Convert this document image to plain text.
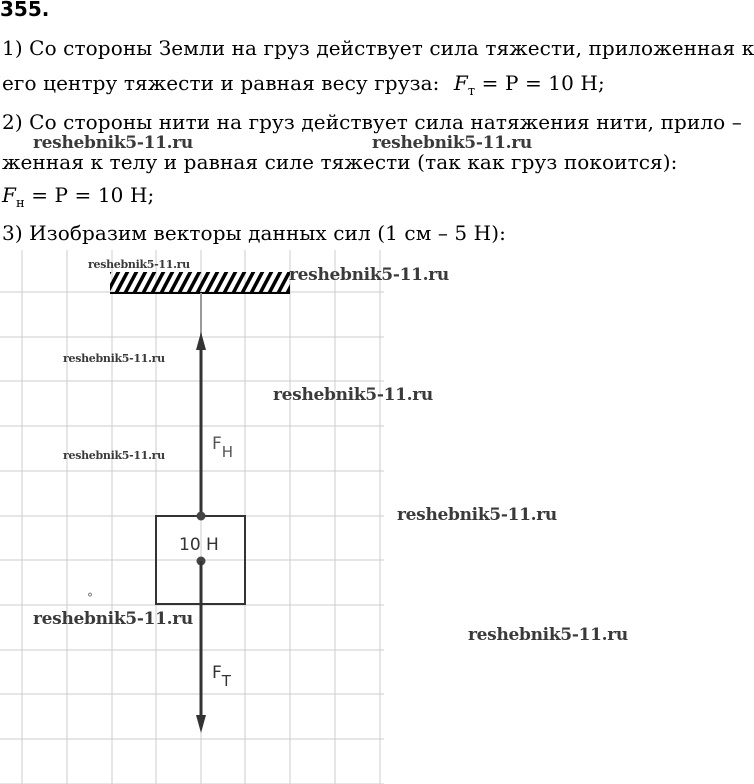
355.
1) Со стороны Земли на груз действует сила тяжести, приложенная к
его центру тяжести и равная весу груза: $F_т = P = 10$ Н;
2) Со стороны нити на груз действует сила натяжения нити, прило –
женная к телу и равная силе тяжести (так как груз покоится):
$F_н = P = 10$ Н;
3) Изобразим векторы данных сил (1 см – 5 Н):
10 Н
FН
FТ
°
reshebnik5-11.ru	reshebnik5-11.ru
reshebnik5-11.ru
reshebnik5-11.ru
reshebnik5-11.ru
reshebnik5-11.ru
reshebnik5-11.ru
reshebnik5-11.ru
reshebnik5-11.ru
reshebnik5-11.ru
